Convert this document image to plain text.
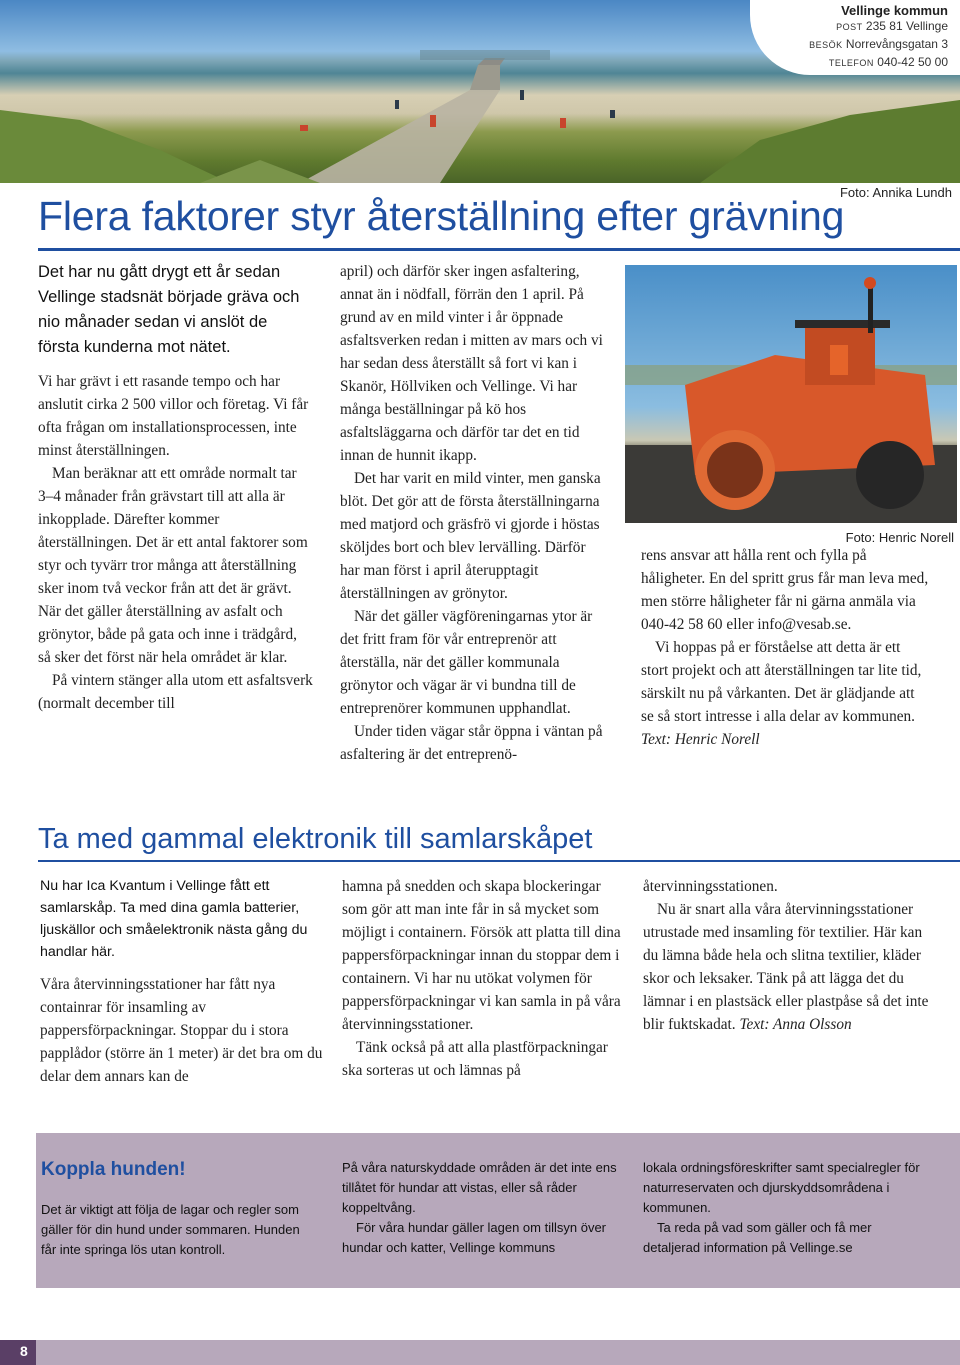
Vellinge kommun
POST 235 81 Vellinge
BESÖK Norrevångsgatan 3
TELEFON 040-42 50 00
Foto: Annika Lundh
Flera faktorer styr återställning efter grävning

Det har nu gått drygt ett år sedan Vellinge stadsnät började gräva och nio månader sedan vi anslöt de första kunderna mot nätet.

Vi har grävt i ett rasande tempo och har anslutit cirka 2 500 villor och företag. Vi får ofta frågan om installationsprocessen, inte minst återställningen.

Man beräknar att ett område normalt tar 3–4 månader från grävstart till att alla är inkopplade. Därefter kommer återställningen. Det är ett antal faktorer som styr och tyvärr tror många att återställning sker inom två veckor från att det är grävt. När det gäller återställning av asfalt och grönytor, både på gata och inne i trädgård, så sker det först när hela området är klar.

På vintern stänger alla utom ett asfaltsverk (normalt december till

april) och därför sker ingen asfaltering, annat än i nödfall, förrän den 1 april. På grund av en mild vinter i år öppnade asfaltsverken redan i mitten av mars och vi har sedan dess återställt så fort vi kan i Skanör, Höllviken och Vellinge. Vi har många beställningar på kö hos asfaltsläggarna och därför tar det en tid innan de hunnit ikapp.

Det har varit en mild vinter, men ganska blöt. Det gör att de första återställningarna med matjord och gräsfrö vi gjorde i höstas sköljdes bort och blev lervälling. Därför har man först i april återupptagit återställningen av grönytor.

När det gäller vägföreningarnas ytor är det fritt fram för vår entreprenör att återställa, när det gäller kommunala grönytor och vägar är vi bundna till de entreprenörer kommunen upphandlat.

Under tiden vägar står öppna i väntan på asfaltering är det entreprenö-

Foto: Henric Norell

rens ansvar att hålla rent och fylla på håligheter. En del spritt grus får man leva med, men större håligheter får ni gärna anmäla via 040-42 58 60 eller info@vesab.se.

Vi hoppas på er förståelse att detta är ett stort projekt och att återställningen tar lite tid, särskilt nu på vårkanten. Det är glädjande att se så stort intresse i alla delar av kommunen.

Text: Henric Norell

Ta med gammal elektronik till samlarskåpet

Nu har Ica Kvantum i Vellinge fått ett samlarskåp. Ta med dina gamla batterier, ljuskällor och småelektronik nästa gång du handlar här.

Våra återvinningsstationer har fått nya containrar för insamling av pappersförpackningar. Stoppar du i stora papplådor (större än 1 meter) är det bra om du delar dem annars kan de

hamna på snedden och skapa blockeringar som gör att man inte får in så mycket som möjligt i containern. Försök att platta till dina pappersförpackningar innan du stoppar dem i containern. Vi har nu utökat volymen för pappersförpackningar vi kan samla in på våra återvinningsstationer.

Tänk också på att alla plastförpackningar ska sorteras ut och lämnas på

återvinningsstationen.

Nu är snart alla våra återvinningsstationer utrustade med insamling för textilier. Här kan du lämna både hela och slitna textilier, kläder skor och leksaker. Tänk på att lägga det du lämnar i en plastsäck eller plastpåse så det inte blir fuktskadat. Text: Anna Olsson

Koppla hunden!
Det är viktigt att följa de lagar och regler som gäller för din hund under sommaren. Hunden får inte springa lös utan kontroll.
På våra naturskyddade områden är det inte ens tillåtet för hundar att vistas, eller så råder koppeltvång.
För våra hundar gäller lagen om tillsyn över hundar och katter, Vellinge kommuns
lokala ordningsföreskrifter samt specialregler för naturreservaten och djurskyddsområdena i kommunen.
Ta reda på vad som gäller och få mer detaljerad information på Vellinge.se
8
